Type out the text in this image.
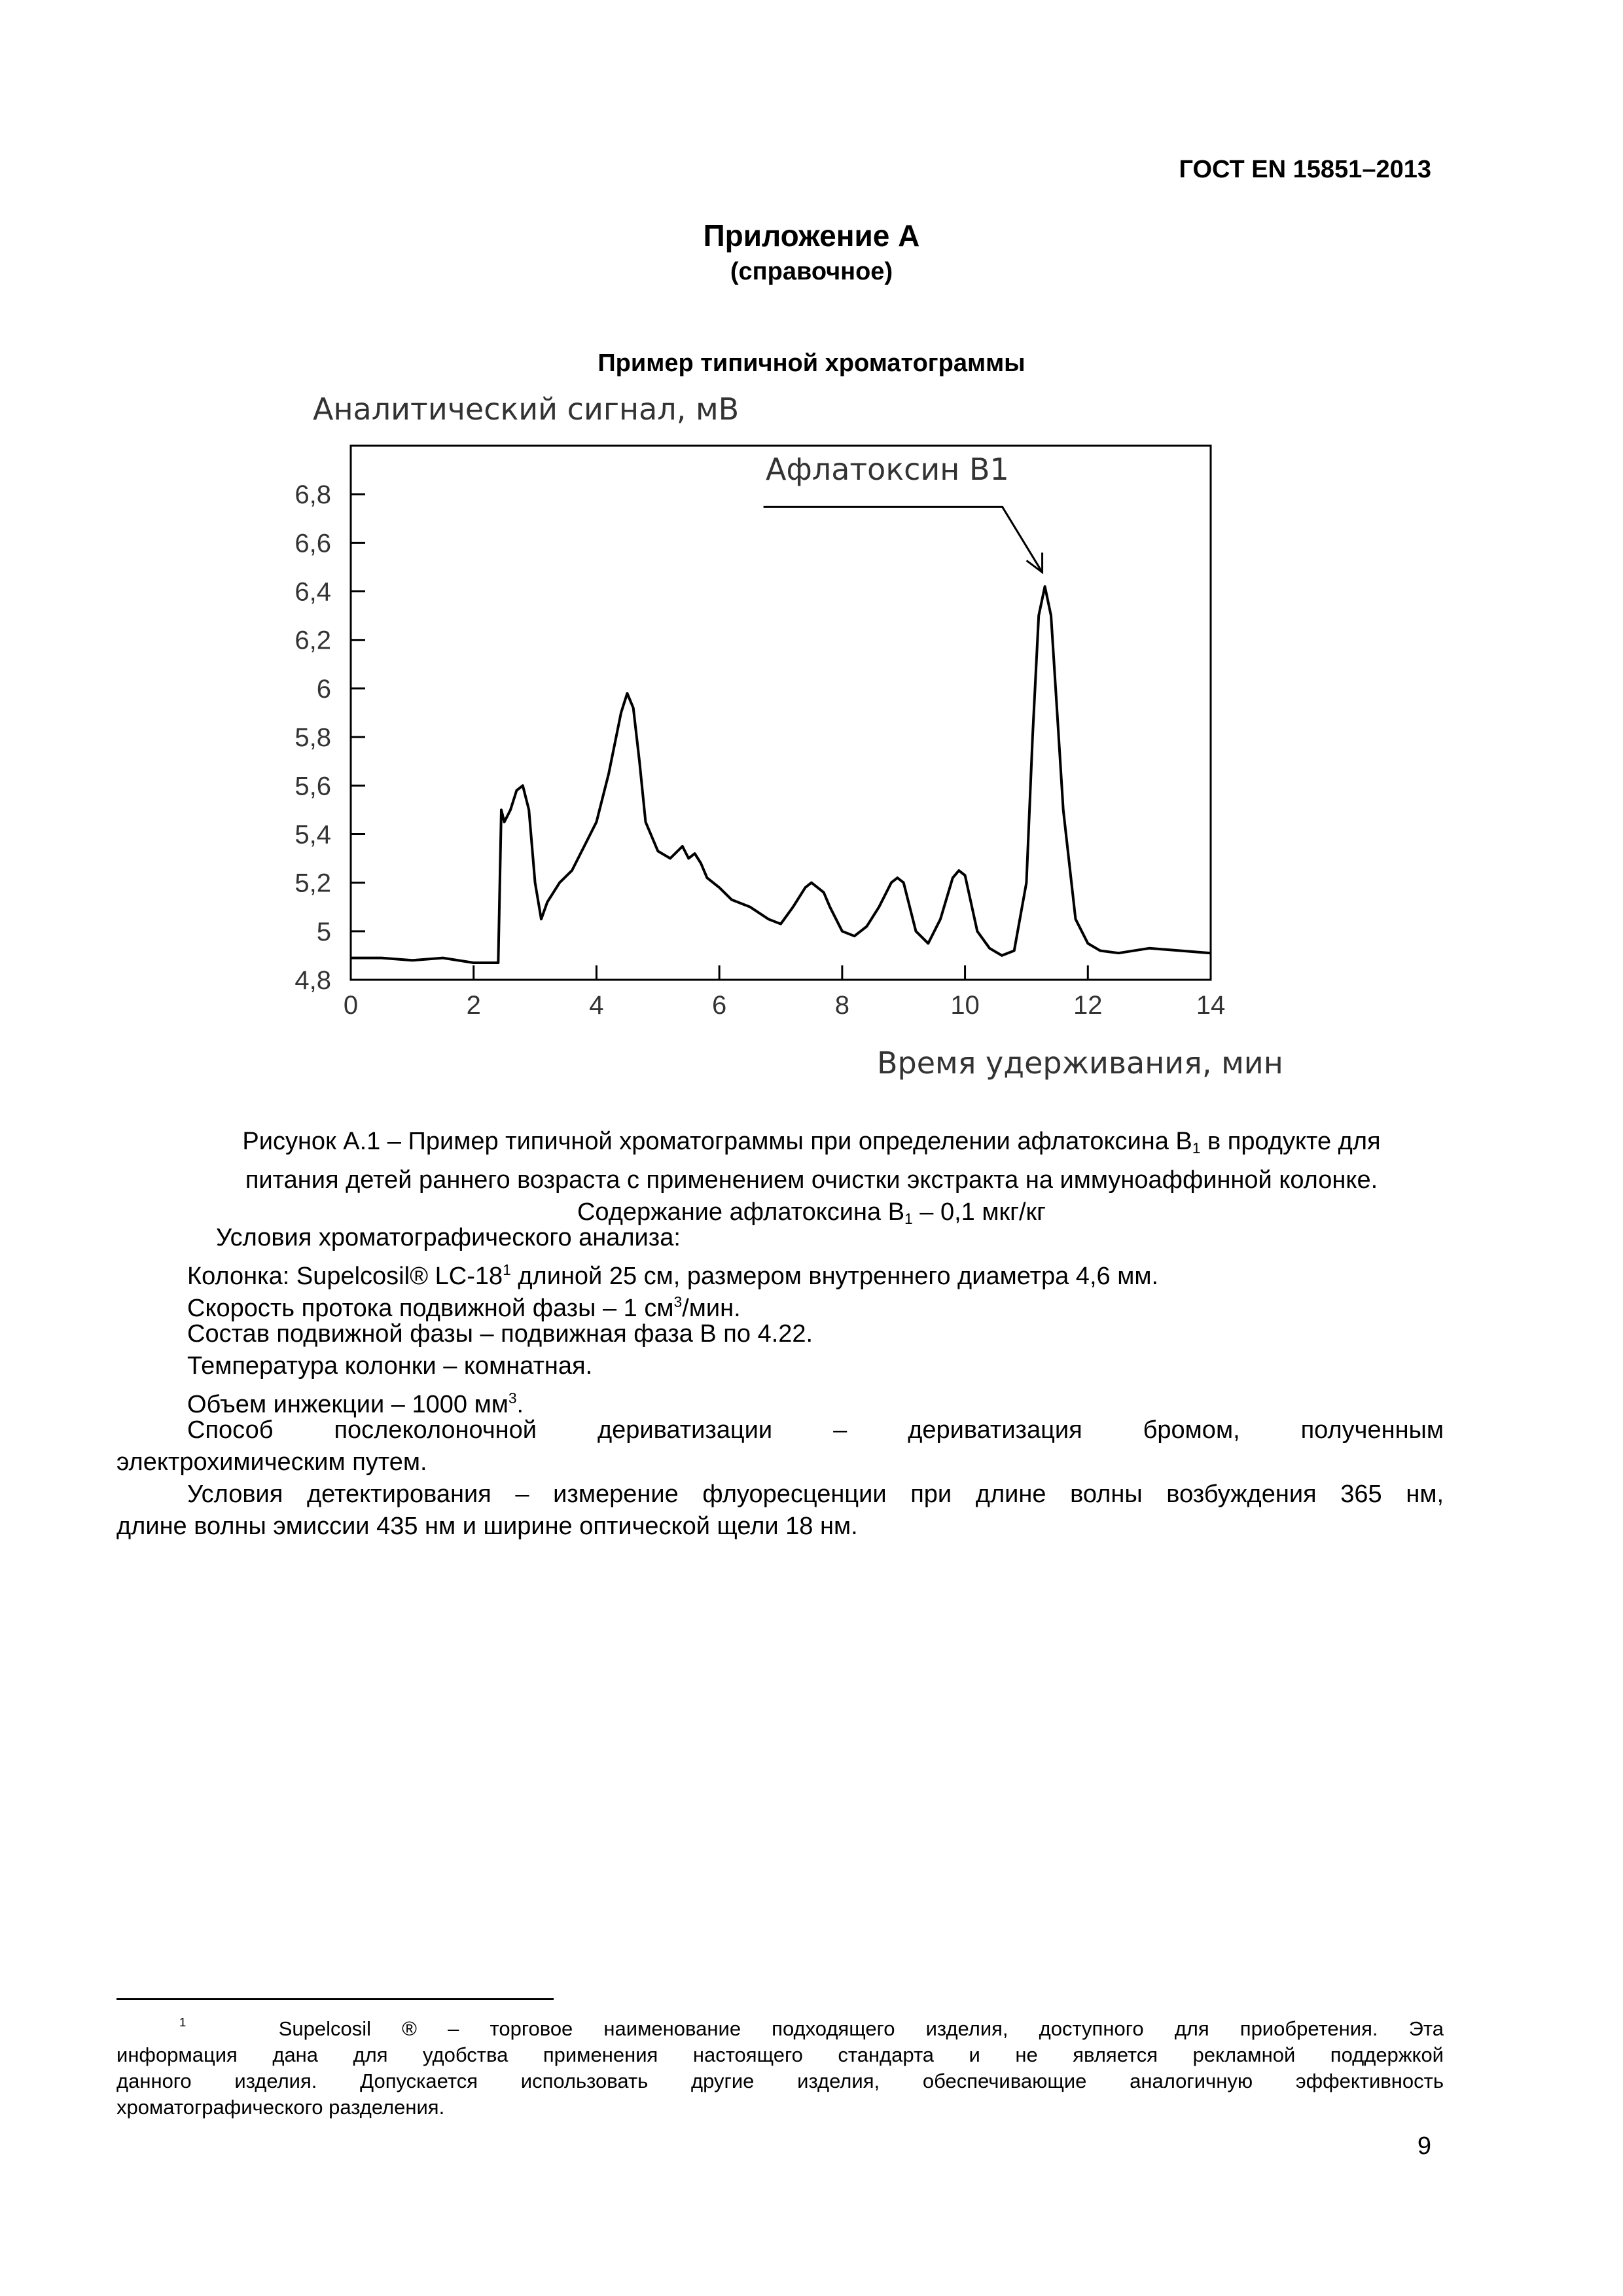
ГОСТ EN 15851–2013
Приложение А
(справочное)
Пример типичной хроматограммы
Аналитический сигнал, мВ
4,8
5
5,2
5,4
5,6
5,8
6
6,2
6,4
6,6
6,8
0	2	4	6	8	10	12	14
Афлатоксин В1
Время удерживания, мин
Рисунок А.1 – Пример типичной хроматограммы при определении афлатоксина $В_1$ в продукте для
питания детей раннего возраста с применением очистки экстракта на иммуноаффинной колонке.
Содержание афлатоксина $В_1 - 0,1$ мкг/кг
Условия хроматографического анализа:
Колонка: Supelcosil® $LC-18^1$ длиной 25 см, размером внутреннего диаметра 4,6 мм.
Скорость протока подвижной фазы – 1 $см^3$/мин.
Состав подвижной фазы – подвижная фаза В по 4.22.
Температура колонки – комнатная.
Объем инжекции – 1000 $мм^3$.
Способ послеколоночной дериватизации – дериватизация бромом, полученным
электрохимическим путем.
Условия детектирования – измерение флуоресценции при длине волны возбуждения 365 нм,
длине волны эмиссии 435 нм и ширине оптической щели 18 нм.
$^1$	Supelcosil ® – торговое наименование подходящего изделия, доступного для приобретения. Эта
информация дана для удобства применения настоящего стандарта и не является рекламной поддержкой
данного изделия. Допускается использовать другие изделия, обеспечивающие аналогичную эффективность
хроматографического разделения.
9
